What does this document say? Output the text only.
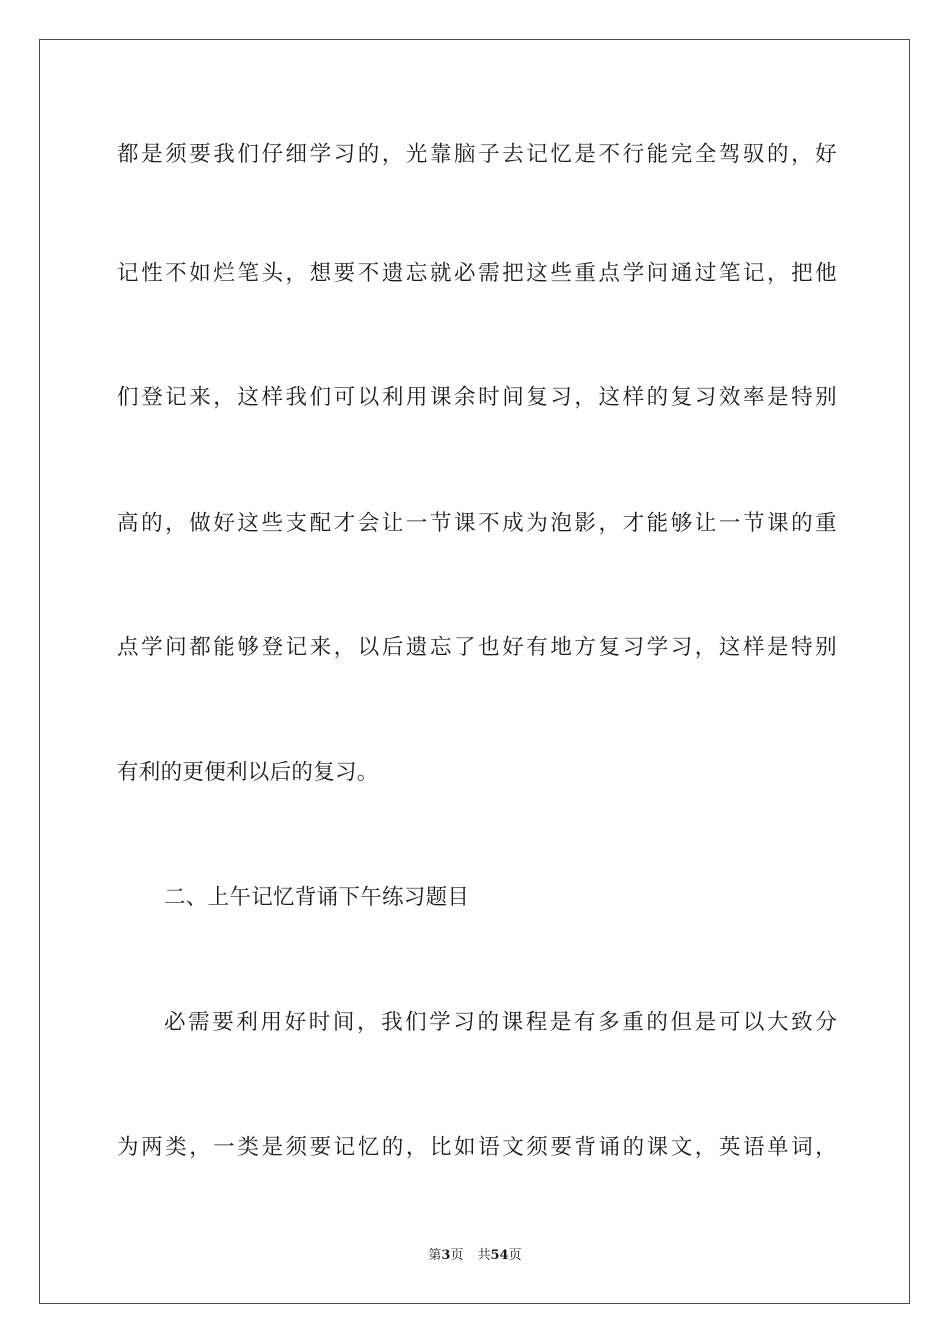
都是须要我们仔细学习的，光靠脑子去记忆是不行能完全驾驭的，好
记性不如烂笔头，想要不遗忘就必需把这些重点学问通过笔记，把他
们登记来，这样我们可以利用课余时间复习，这样的复习效率是特别
高的，做好这些支配才会让一节课不成为泡影，才能够让一节课的重
点学问都能够登记来，以后遗忘了也好有地方复习学习，这样是特别
有利的更便利以后的复习。
二、上午记忆背诵下午练习题目
必需要利用好时间，我们学习的课程是有多重的但是可以大致分
为两类，一类是须要记忆的，比如语文须要背诵的课文，英语单词，
第3页 共54页
